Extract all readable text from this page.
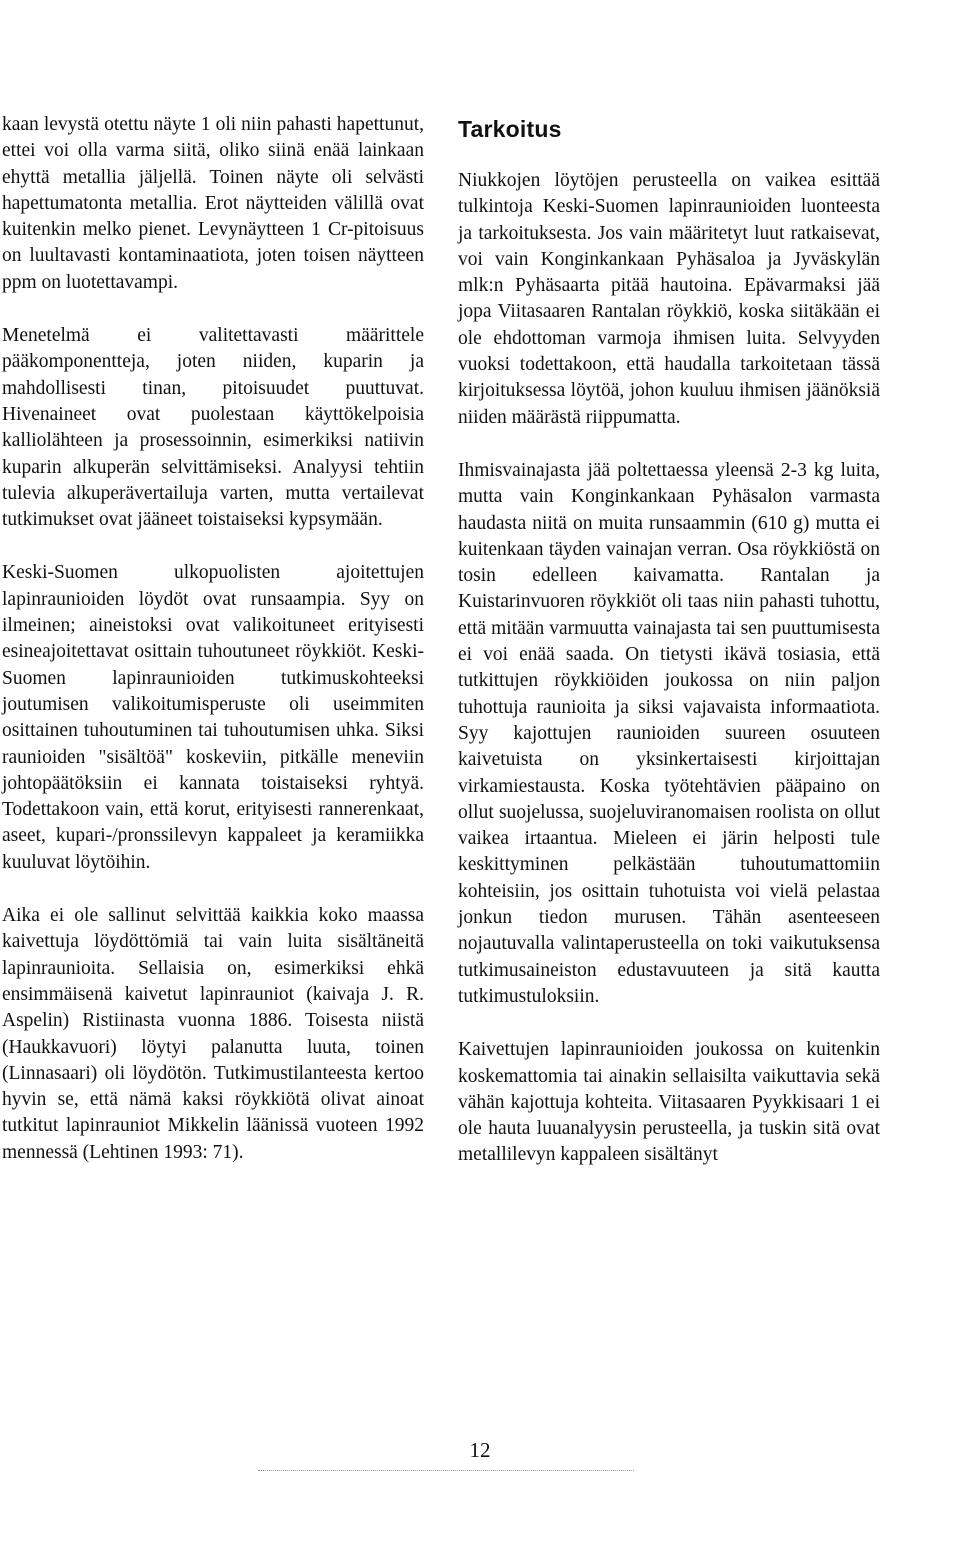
kaan levystä otettu näyte 1 oli niin pahasti hapettunut, ettei voi olla varma siitä, oliko siinä enää lainkaan ehyttä metallia jäljellä. Toinen näyte oli selvästi hapettumatonta metallia. Erot näytteiden välillä ovat kuitenkin melko pienet. Levynäytteen 1 Cr-pitoisuus on luultavasti kontaminaatiota, joten toisen näytteen ppm on luotettavampi.

Menetelmä ei valitettavasti määrittele pääkomponentteja, joten niiden, kuparin ja mahdollisesti tinan, pitoisuudet puuttuvat. Hivenaineet ovat puolestaan käyttökelpoisia kalliolähteen ja prosessoinnin, esimerkiksi natiivin kuparin alkuperän selvittämiseksi. Analyysi tehtiin tulevia alkuperävertailuja varten, mutta vertailevat tutkimukset ovat jääneet toistaiseksi kypsymään.

Keski-Suomen ulkopuolisten ajoitettujen lapinraunioiden löydöt ovat runsaampia. Syy on ilmeinen; aineistoksi ovat valikoituneet erityisesti esineajoitettavat osittain tuhoutuneet röykkiöt. Keski-Suomen lapinraunioiden tutkimuskohteeksi joutumisen valikoitumisperuste oli useimmiten osittainen tuhoutuminen tai tuhoutumisen uhka. Siksi raunioiden "sisältöä" koskeviin, pitkälle meneviin johtopäätöksiin ei kannata toistaiseksi ryhtyä. Todettakoon vain, että korut, erityisesti rannerenkaat, aseet, kupari-/pronssilevyn kappaleet ja keramiikka kuuluvat löytöihin.

Aika ei ole sallinut selvittää kaikkia koko maassa kaivettuja löydöttömiä tai vain luita sisältäneitä lapinraunioita. Sellaisia on, esimerkiksi ehkä ensimmäisenä kaivetut lapinrauniot (kaivaja J. R. Aspelin) Ristiinasta vuonna 1886. Toisesta niistä (Haukkavuori) löytyi palanutta luuta, toinen (Linnasaari) oli löydötön. Tutkimustilanteesta kertoo hyvin se, että nämä kaksi röykkiötä olivat ainoat tutkitut lapinrauniot Mikkelin läänissä vuoteen 1992 mennessä (Lehtinen 1993: 71).

Tarkoitus

Niukkojen löytöjen perusteella on vaikea esittää tulkintoja Keski-Suomen lapinraunioiden luonteesta ja tarkoituksesta. Jos vain määritetyt luut ratkaisevat, voi vain Konginkankaan Pyhäsaloa ja Jyväskylän mlk:n Pyhäsaarta pitää hautoina. Epävarmaksi jää jopa Viitasaaren Rantalan röykkiö, koska siitäkään ei ole ehdottoman varmoja ihmisen luita. Selvyyden vuoksi todettakoon, että haudalla tarkoitetaan tässä kirjoituksessa löytöä, johon kuuluu ihmisen jäänöksiä niiden määrästä riippumatta.

Ihmisvainajasta jää poltettaessa yleensä 2-3 kg luita, mutta vain Konginkankaan Pyhäsalon varmasta haudasta niitä on muita runsaammin (610 g) mutta ei kuitenkaan täyden vainajan verran. Osa röykkiöstä on tosin edelleen kaivamatta. Rantalan ja Kuistarinvuoren röykkiöt oli taas niin pahasti tuhottu, että mitään varmuutta vainajasta tai sen puuttumisesta ei voi enää saada. On tietysti ikävä tosiasia, että tutkittujen röykkiöiden joukossa on niin paljon tuhottuja raunioita ja siksi vajavaista informaatiota. Syy kajottujen raunioiden suureen osuuteen kaivetuista on yksinkertaisesti kirjoittajan virkamiestausta. Koska työtehtävien pääpaino on ollut suojelussa, suojeluviranomaisen roolista on ollut vaikea irtaantua. Mieleen ei järin helposti tule keskittyminen pelkästään tuhoutumattomiin kohteisiin, jos osittain tuhotuista voi vielä pelastaa jonkun tiedon murusen. Tähän asenteeseen nojautuvalla valintaperusteella on toki vaikutuksensa tutkimusaineiston edustavuuteen ja sitä kautta tutkimustuloksiin.

Kaivettujen lapinraunioiden joukossa on kuitenkin koskemattomia tai ainakin sellaisilta vaikuttavia sekä vähän kajottuja kohteita. Viitasaaren Pyykkisaari 1 ei ole hauta luuanalyysin perusteella, ja tuskin sitä ovat metallilevyn kappaleen sisältänyt

12
